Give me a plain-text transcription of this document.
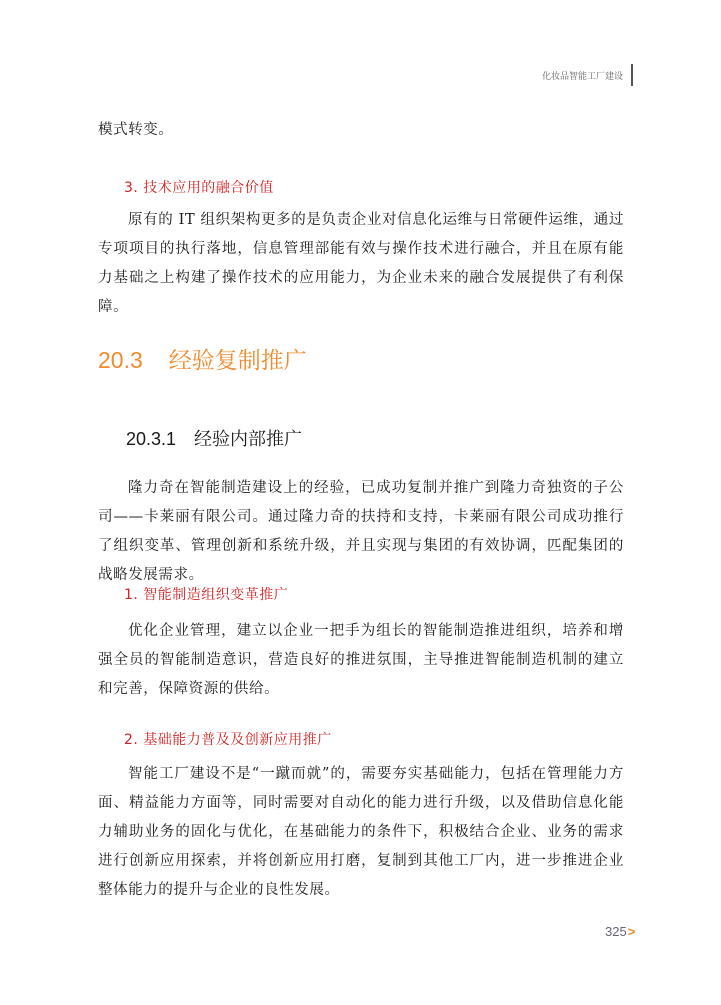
化妆品智能工厂建设

模式转变。

3. 技术应用的融合价值

原有的 IT 组织架构更多的是负责企业对信息化运维与日常硬件运维，通过专项项目的执行落地，信息管理部能有效与操作技术进行融合，并且在原有能力基础之上构建了操作技术的应用能力，为企业未来的融合发展提供了有利保障。

20.3 经验复制推广
20.3.1 经验内部推广

隆力奇在智能制造建设上的经验，已成功复制并推广到隆力奇独资的子公司——卡莱丽有限公司。通过隆力奇的扶持和支持，卡莱丽有限公司成功推行了组织变革、管理创新和系统升级，并且实现与集团的有效协调，匹配集团的战略发展需求。

1. 智能制造组织变革推广

优化企业管理，建立以企业一把手为组长的智能制造推进组织，培养和增强全员的智能制造意识，营造良好的推进氛围，主导推进智能制造机制的建立和完善，保障资源的供给。

2. 基础能力普及及创新应用推广

智能工厂建设不是“一蹴而就”的，需要夯实基础能力，包括在管理能力方面、精益能力方面等，同时需要对自动化的能力进行升级，以及借助信息化能力辅助业务的固化与优化，在基础能力的条件下，积极结合企业、业务的需求进行创新应用探索，并将创新应用打磨，复制到其他工厂内，进一步推进企业整体能力的提升与企业的良性发展。

325>
